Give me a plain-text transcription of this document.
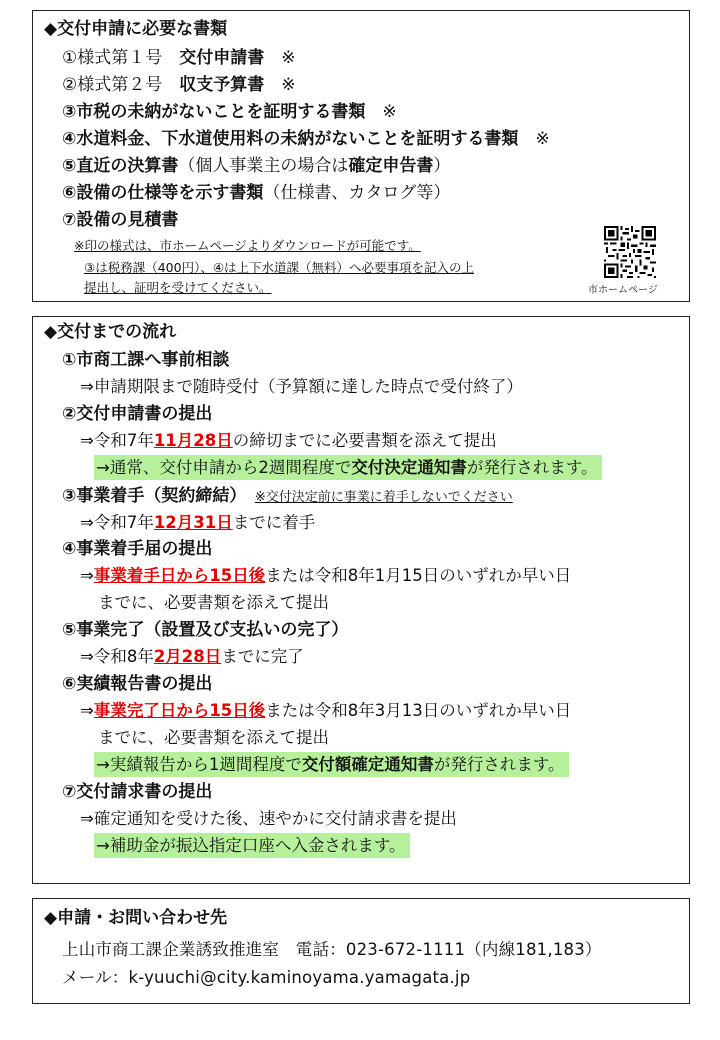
◆交付申請に必要な書類
①様式第１号　交付申請書　※
②様式第２号　収支予算書　※
③市税の未納がないことを証明する書類　※
④水道料金、下水道使用料の未納がないことを証明する書類　※
⑤直近の決算書（個人事業主の場合は確定申告書）
⑥設備の仕様等を示す書類（仕様書、カタログ等）
⑦設備の見積書
※印の様式は、市ホームページよりダウンロードが可能です。
③は税務課（400円）、④は上下水道課（無料）へ必要事項を記入の上
提出し、証明を受けてください。	市ホームページ
◆交付までの流れ
①市商工課へ事前相談
⇒申請期限まで随時受付（予算額に達した時点で受付終了）
②交付申請書の提出
⇒令和7年11月28日の締切までに必要書類を添えて提出
→通常、交付申請から2週間程度で交付決定通知書が発行されます。
③事業着手（契約締結）　 ※交付決定前に事業に着手しないでください
⇒令和7年12月31日までに着手
④事業着手届の提出
⇒事業着手日から15日後または令和8年1月15日のいずれか早い日
までに、必要書類を添えて提出
⑤事業完了（設置及び支払いの完了）
⇒令和8年2月28日までに完了
⑥実績報告書の提出
⇒事業完了日から15日後または令和8年3月13日のいずれか早い日
までに、必要書類を添えて提出
→実績報告から1週間程度で交付額確定通知書が発行されます。
⑦交付請求書の提出
⇒確定通知を受けた後、速やかに交付請求書を提出
→補助金が振込指定口座へ入金されます。
◆申請・お問い合わせ先
上山市商工課企業誘致推進室　電話：023-672-1111（内線181,183）
メール：k-yuuchi@city.kaminoyama.yamagata.jp
